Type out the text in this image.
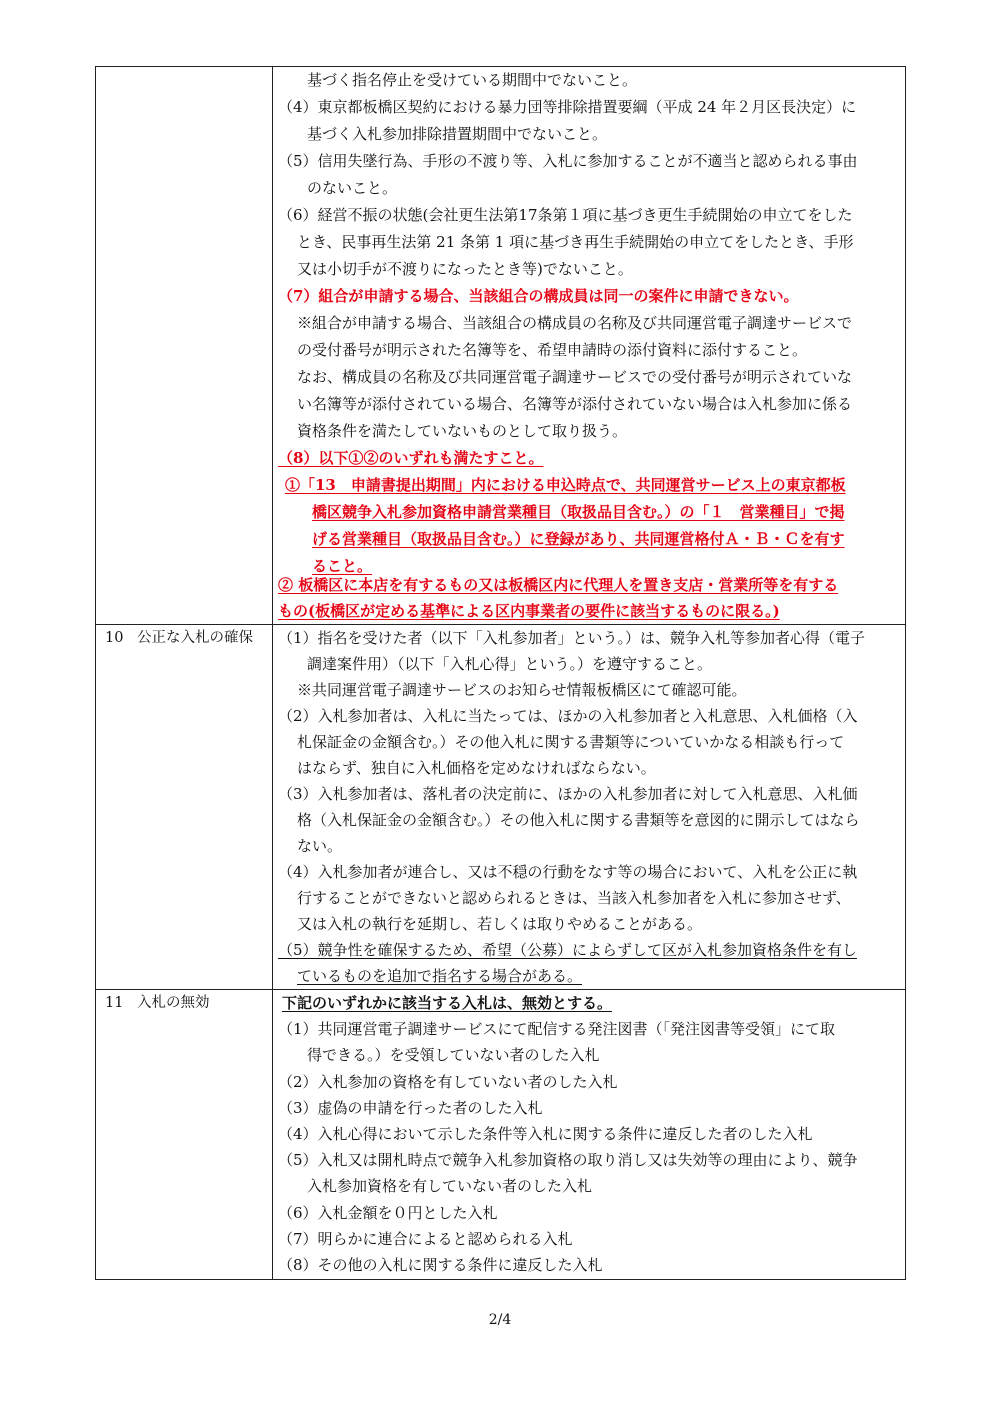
10 公正な入札の確保
11 入札の無効
基づく指名停止を受けている期間中でないこと。
（4）東京都板橋区契約における暴力団等排除措置要綱（平成 24 年２月区長決定）に
基づく入札参加排除措置期間中でないこと。
（5）信用失墜行為、手形の不渡り等、入札に参加することが不適当と認められる事由
のないこと。
（6）経営不振の状態(会社更生法第17条第１項に基づき更生手続開始の申立てをした
とき、民事再生法第 21 条第 1 項に基づき再生手続開始の申立てをしたとき、手形
又は小切手が不渡りになったとき等)でないこと。
（7）組合が申請する場合、当該組合の構成員は同一の案件に申請できない。
※組合が申請する場合、当該組合の構成員の名称及び共同運営電子調達サービスで
の受付番号が明示された名簿等を、希望申請時の添付資料に添付すること。
なお、構成員の名称及び共同運営電子調達サービスでの受付番号が明示されていな
い名簿等が添付されている場合、名簿等が添付されていない場合は入札参加に係る
資格条件を満たしていないものとして取り扱う。
（8）以下①②のいずれも満たすこと。
①「13　申請書提出期間」内における申込時点で、共同運営サービス上の東京都板
橋区競争入札参加資格申請営業種目（取扱品目含む。）の「１　営業種目」で掲
げる営業種目（取扱品目含む。）に登録があり、共同運営格付Ａ・Ｂ・Ｃを有す
ること。
② 板橋区に本店を有するもの又は板橋区内に代理人を置き支店・営業所等を有する
もの(板橋区が定める基準による区内事業者の要件に該当するものに限る。)
（1）指名を受けた者（以下「入札参加者」という。）は、競争入札等参加者心得（電子
調達案件用）（以下「入札心得」という。）を遵守すること。
※共同運営電子調達サービスのお知らせ情報板橋区にて確認可能。
（2）入札参加者は、入札に当たっては、ほかの入札参加者と入札意思、入札価格（入
札保証金の金額含む。）その他入札に関する書類等についていかなる相談も行って
はならず、独自に入札価格を定めなければならない。
（3）入札参加者は、落札者の決定前に、ほかの入札参加者に対して入札意思、入札価
格（入札保証金の金額含む。）その他入札に関する書類等を意図的に開示してはなら
ない。
（4）入札参加者が連合し、又は不穏の行動をなす等の場合において、入札を公正に執
行することができないと認められるときは、当該入札参加者を入札に参加させず、
又は入札の執行を延期し、若しくは取りやめることがある。
（5）競争性を確保するため、希望（公募）によらずして区が入札参加資格条件を有し
ているものを追加で指名する場合がある。
下記のいずれかに該当する入札は、無効とする。
（1）共同運営電子調達サービスにて配信する発注図書（「発注図書等受領」にて取
得できる。）を受領していない者のした入札
（2）入札参加の資格を有していない者のした入札
（3）虚偽の申請を行った者のした入札
（4）入札心得において示した条件等入札に関する条件に違反した者のした入札
（5）入札又は開札時点で競争入札参加資格の取り消し又は失効等の理由により、競争
入札参加資格を有していない者のした入札
（6）入札金額を０円とした入札
（7）明らかに連合によると認められる入札
（8）その他の入札に関する条件に違反した入札
2/4
